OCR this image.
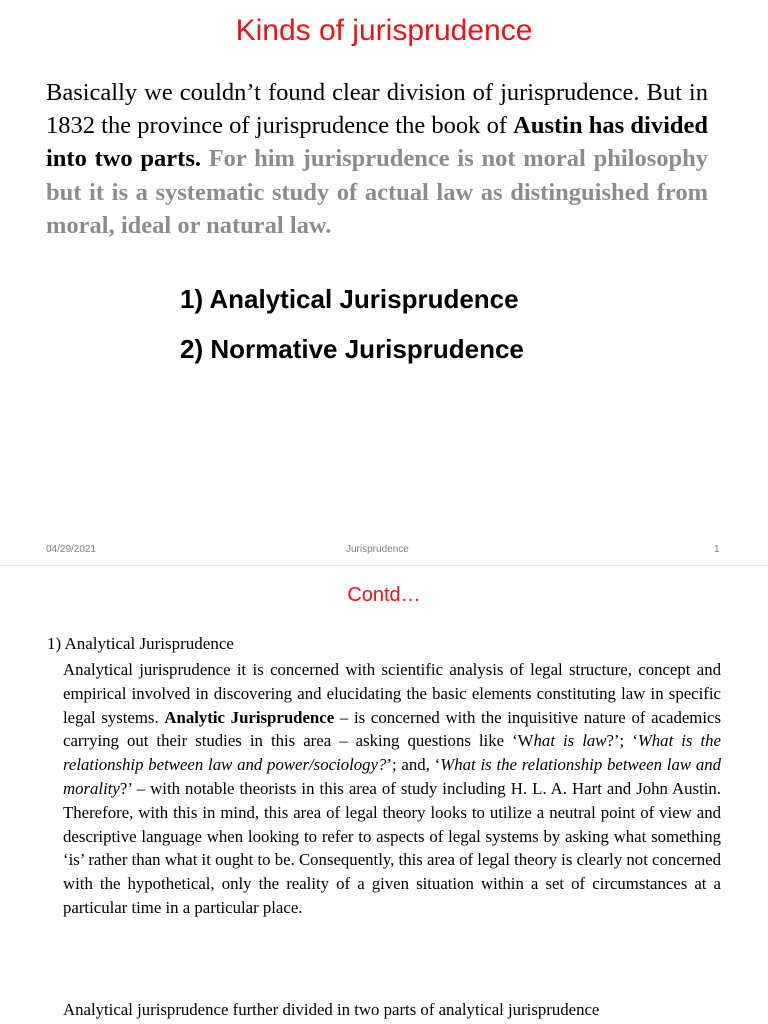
Kinds of jurisprudence
Basically we couldn’t found clear division of jurisprudence. But in 1832 the province of jurisprudence the book of Austin has divided into two parts. For him jurisprudence is not moral philosophy but it is a systematic study of actual law as distinguished from moral, ideal or natural law.
1) Analytical Jurisprudence
2) Normative Jurisprudence
04/29/2021	Jurisprudence	1
Contd…
1) Analytical Jurisprudence
Analytical jurisprudence it is concerned with scientific analysis of legal structure, concept and empirical involved in discovering and elucidating the basic elements constituting law in specific legal systems. Analytic Jurisprudence – is concerned with the inquisitive nature of academics carrying out their studies in this area – asking questions like ‘What is law?’; ‘What is the relationship between law and power/sociology?’; and, ‘What is the relationship between law and morality?’ – with notable theorists in this area of study including H. L. A. Hart and John Austin. Therefore, with this in mind, this area of legal theory looks to utilize a neutral point of view and descriptive language when looking to refer to aspects of legal systems by asking what something ‘is’ rather than what it ought to be. Consequently, this area of legal theory is clearly not concerned with the hypothetical, only the reality of a given situation within a set of circumstances at a particular time in a particular place.
Analytical jurisprudence further divided in two parts of analytical jurisprudence
